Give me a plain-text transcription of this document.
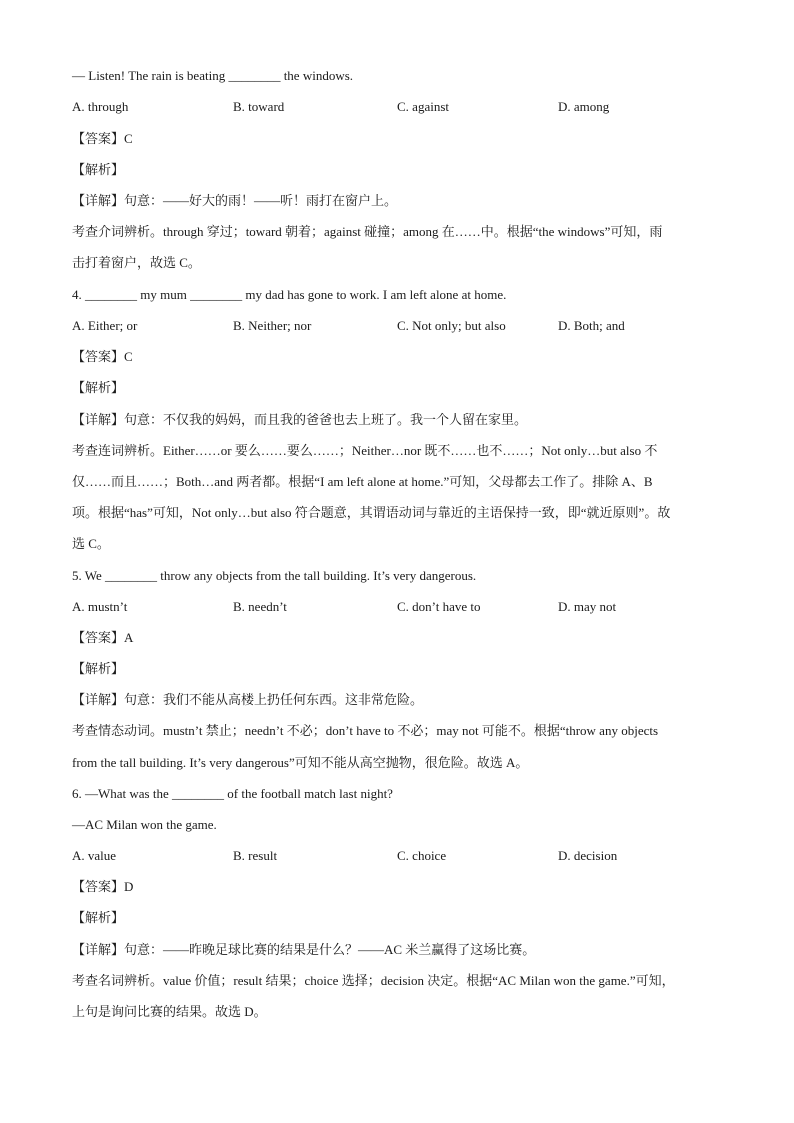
— Listen! The rain is beating ________ the windows.
A. through	B. toward	C. against	D. among
【答案】C
【解析】
【详解】句意：——好大的雨！——听！雨打在窗户上。
考查介词辨析。through 穿过；toward 朝着；against 碰撞；among 在……中。根据“the windows”可知，雨
击打着窗户，故选 C。
4. ________ my mum ________ my dad has gone to work. I am left alone at home.
A. Either; or	B. Neither; nor	C. Not only; but also	D. Both; and
【答案】C
【解析】
【详解】句意：不仅我的妈妈，而且我的爸爸也去上班了。我一个人留在家里。
考查连词辨析。Either……or 要么……要么……；Neither…nor 既不……也不……；Not only…but also 不
仅……而且……；Both…and 两者都。根据“I am left alone at home.”可知，父母都去工作了。排除 A、B
项。根据“has”可知，Not only…but also 符合题意，其谓语动词与靠近的主语保持一致，即“就近原则”。故
选 C。
5. We ________ throw any objects from the tall building. It’s very dangerous.
A. mustn’t	B. needn’t	C. don’t have to	D. may not
【答案】A
【解析】
【详解】句意：我们不能从高楼上扔任何东西。这非常危险。
考查情态动词。mustn’t 禁止；needn’t 不必；don’t have to 不必；may not 可能不。根据“throw any objects
from the tall building. It’s very dangerous”可知不能从高空抛物，很危险。故选 A。
6. —What was the ________ of the football match last night?
—AC Milan won the game.
A. value	B. result	C. choice	D. decision
【答案】D
【解析】
【详解】句意：——昨晚足球比赛的结果是什么？——AC 米兰赢得了这场比赛。
考查名词辨析。value 价值；result 结果；choice 选择；decision 决定。根据“AC Milan won the game.”可知，
上句是询问比赛的结果。故选 D。
